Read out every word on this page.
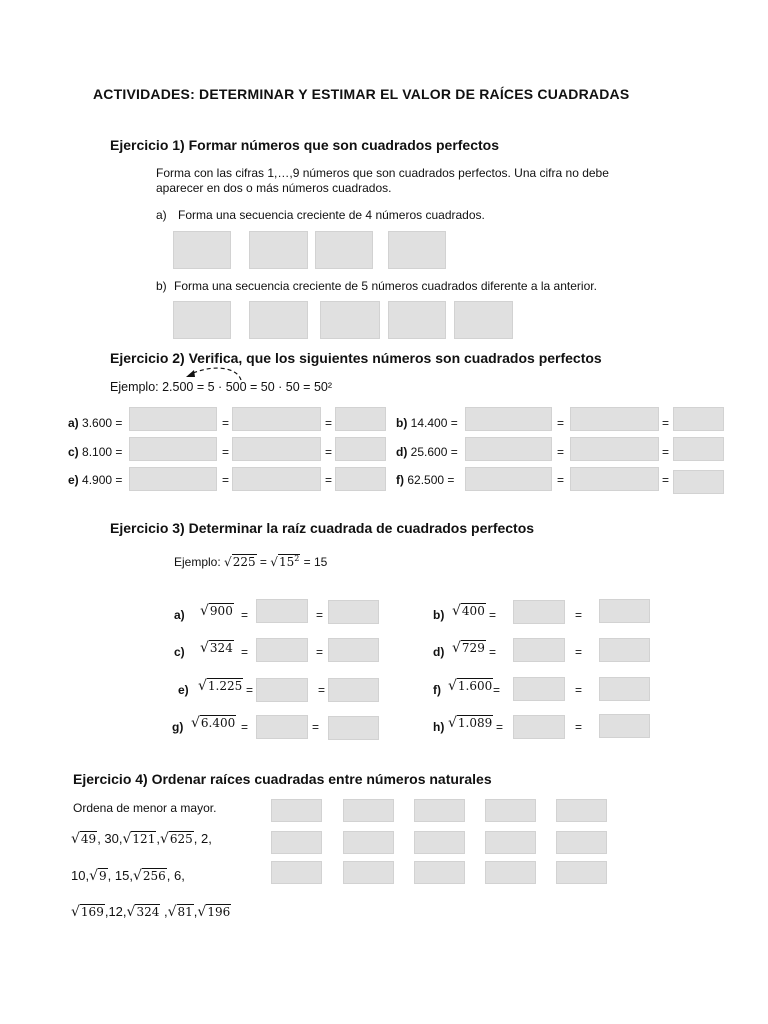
ACTIVIDADES: DETERMINAR Y ESTIMAR EL VALOR DE RAÍCES CUADRADAS
Ejercicio 1) Formar números que son cuadrados perfectos
Forma con las cifras 1,…,9 números que son cuadrados perfectos. Una cifra no debe
aparecer en dos o más números cuadrados.
a) Forma una secuencia creciente de 4 números cuadrados.
b) Forma una secuencia creciente de 5 números cuadrados diferente a la anterior.
Ejercicio 2) Verifica, que los siguientes números son cuadrados perfectos
Ejemplo: 2.500 = 5 · 500 = 50 · 50 = 50²
a) 3.600 =	=	=	b) 14.400 =	=	=
c) 8.100 =	=	=	d) 25.600 =	=	=
e) 4.900 =	=	=	f) 62.500 =	=	=
Ejercicio 3) Determinar la raíz cuadrada de cuadrados perfectos
Ejemplo: $√225 = √15^2 = 15$
a) √900 =	=	b) √400 =	=
c) √324 =	=	d) √729 =	=
e) √1.225 =	=	f) √1.600 =	=
g) √6.400 =	=	h) √1.089 =	=
Ejercicio 4) Ordenar raíces cuadradas entre números naturales
Ordena de menor a mayor.
√49, 30,√121,√625, 2,
10,√9, 15,√256, 6,
√169,12,√324 ,√81,√196
